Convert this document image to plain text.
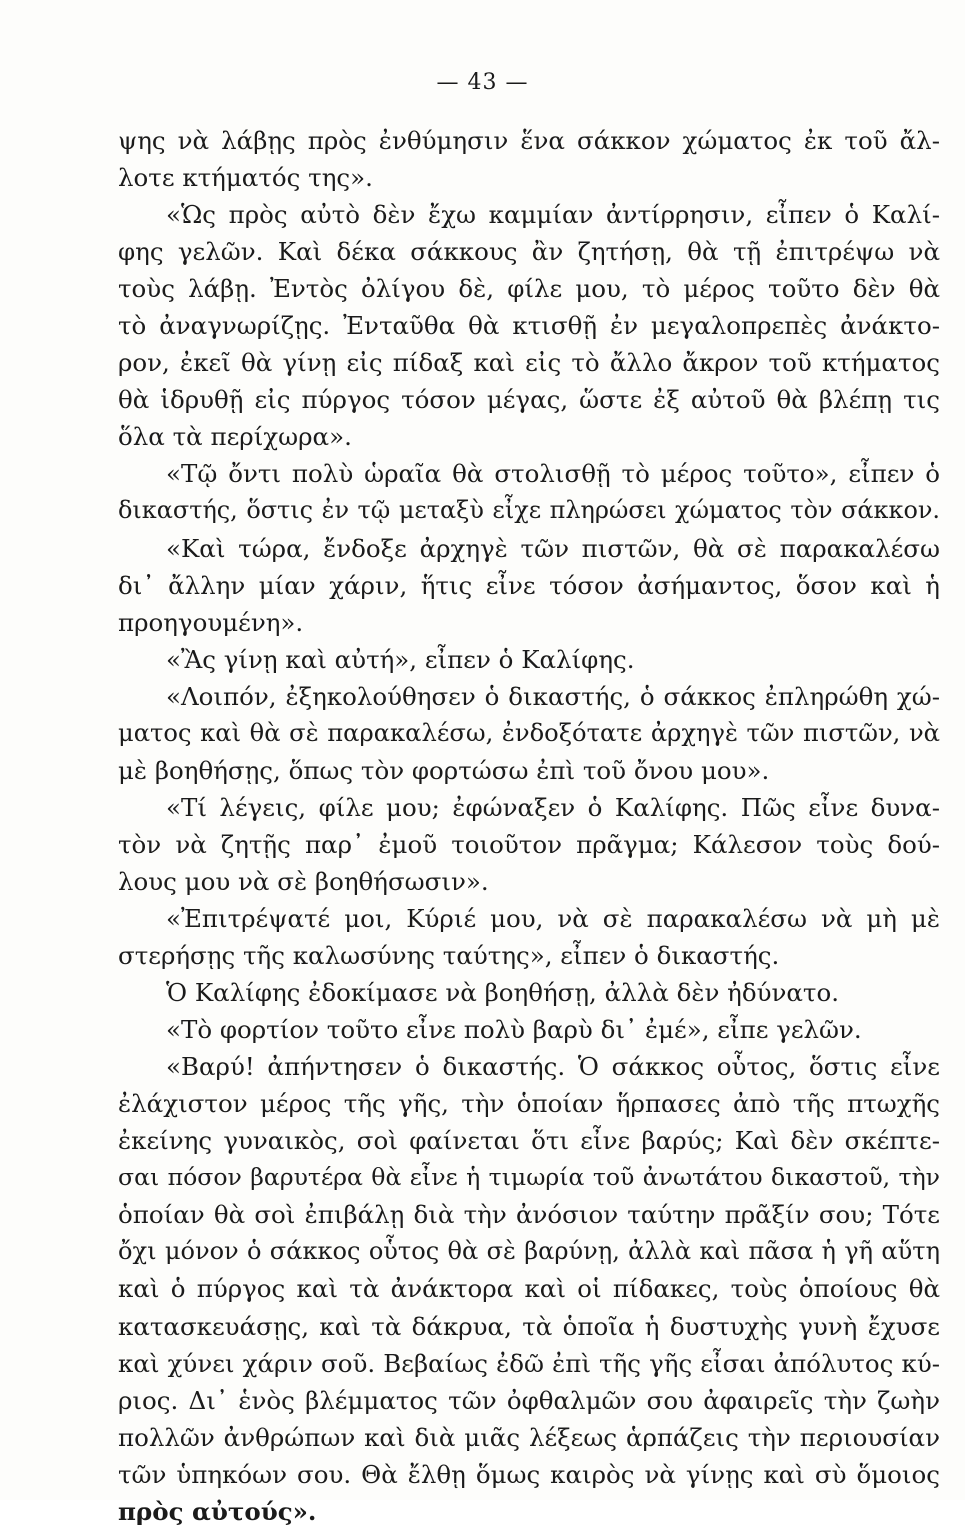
— 43 —
ψης νὰ λάβῃς πρὸς ἐνθύμησιν ἕνα σάκκον χώματος ἐκ τοῦ ἄλ-
λοτε κτήματός της».
«Ὡς πρὸς αὐτὸ δὲν ἔχω καμμίαν ἀντίρρησιν, εἶπεν ὁ Καλί-
φης γελῶν. Καὶ δέκα σάκκους ἂν ζητήσῃ, θὰ τῇ ἐπιτρέψω νὰ
τοὺς λάβῃ. Ἐντὸς ὀλίγου δὲ, φίλε μου, τὸ μέρος τοῦτο δὲν θὰ
τὸ ἀναγνωρίζῃς. Ἐνταῦθα θὰ κτισθῇ ἐν μεγαλοπρεπὲς ἀνάκτο-
ρον, ἐκεῖ θὰ γίνῃ εἰς πίδαξ καὶ εἰς τὸ ἄλλο ἄκρον τοῦ κτήματος
θὰ ἱδρυθῇ εἰς πύργος τόσον μέγας, ὥστε ἐξ αὐτοῦ θὰ βλέπῃ τις
ὅλα τὰ περίχωρα».
«Τῷ ὄντι πολὺ ὡραῖα θὰ στολισθῇ τὸ μέρος τοῦτο», εἶπεν ὁ
δικαστής, ὅστις ἐν τῷ μεταξὺ εἶχε πληρώσει χώματος τὸν σάκκον.
«Καὶ τώρα, ἔνδοξε ἀρχηγὲ τῶν πιστῶν, θὰ σὲ παρακαλέσω
δι᾽ ἄλλην μίαν χάριν, ἥτις εἶνε τόσον ἀσήμαντος, ὅσον καὶ ἡ
προηγουμένη».
«Ἂς γίνῃ καὶ αὐτή», εἶπεν ὁ Καλίφης.
«Λοιπόν, ἐξηκολούθησεν ὁ δικαστής, ὁ σάκκος ἐπληρώθη χώ-
ματος καὶ θὰ σὲ παρακαλέσω, ἐνδοξότατε ἀρχηγὲ τῶν πιστῶν, νὰ
μὲ βοηθήσῃς, ὅπως τὸν φορτώσω ἐπὶ τοῦ ὄνου μου».
«Τί λέγεις, φίλε μου; ἐφώναξεν ὁ Καλίφης. Πῶς εἶνε δυνα-
τὸν νὰ ζητῇς παρ᾽ ἐμοῦ τοιοῦτον πρᾶγμα; Κάλεσον τοὺς δού-
λους μου νὰ σὲ βοηθήσωσιν».
«Ἐπιτρέψατέ μοι, Κύριέ μου, νὰ σὲ παρακαλέσω νὰ μὴ μὲ
στερήσῃς τῆς καλωσύνης ταύτης», εἶπεν ὁ δικαστής.
Ὁ Καλίφης ἐδοκίμασε νὰ βοηθήσῃ, ἀλλὰ δὲν ἠδύνατο.
«Τὸ φορτίον τοῦτο εἶνε πολὺ βαρὺ δι᾽ ἐμέ», εἶπε γελῶν.
«Βαρύ! ἀπήντησεν ὁ δικαστής. Ὁ σάκκος οὗτος, ὅστις εἶνε
ἐλάχιστον μέρος τῆς γῆς, τὴν ὁποίαν ἥρπασες ἀπὸ τῆς πτωχῆς
ἐκείνης γυναικὸς, σοὶ φαίνεται ὅτι εἶνε βαρύς; Καὶ δὲν σκέπτε-
σαι πόσον βαρυτέρα θὰ εἶνε ἡ τιμωρία τοῦ ἀνωτάτου δικαστοῦ, τὴν
ὁποίαν θὰ σοὶ ἐπιβάλῃ διὰ τὴν ἀνόσιον ταύτην πρᾶξίν σου; Τότε
ὄχι μόνον ὁ σάκκος οὗτος θὰ σὲ βαρύνῃ, ἀλλὰ καὶ πᾶσα ἡ γῆ αὕτη
καὶ ὁ πύργος καὶ τὰ ἀνάκτορα καὶ οἱ πίδακες, τοὺς ὁποίους θὰ
κατασκευάσῃς, καὶ τὰ δάκρυα, τὰ ὁποῖα ἡ δυστυχὴς γυνὴ ἔχυσε
καὶ χύνει χάριν σοῦ. Βεβαίως ἐδῶ ἐπὶ τῆς γῆς εἶσαι ἀπόλυτος κύ-
ριος. Δι᾽ ἑνὸς βλέμματος τῶν ὀφθαλμῶν σου ἀφαιρεῖς τὴν ζωὴν
πολλῶν ἀνθρώπων καὶ διὰ μιᾶς λέξεως ἁρπάζεις τὴν περιουσίαν
τῶν ὑπηκόων σου. Θὰ ἔλθῃ ὅμως καιρὸς νὰ γίνῃς καὶ σὺ ὅμοιος
πρὸς αὐτούς».
